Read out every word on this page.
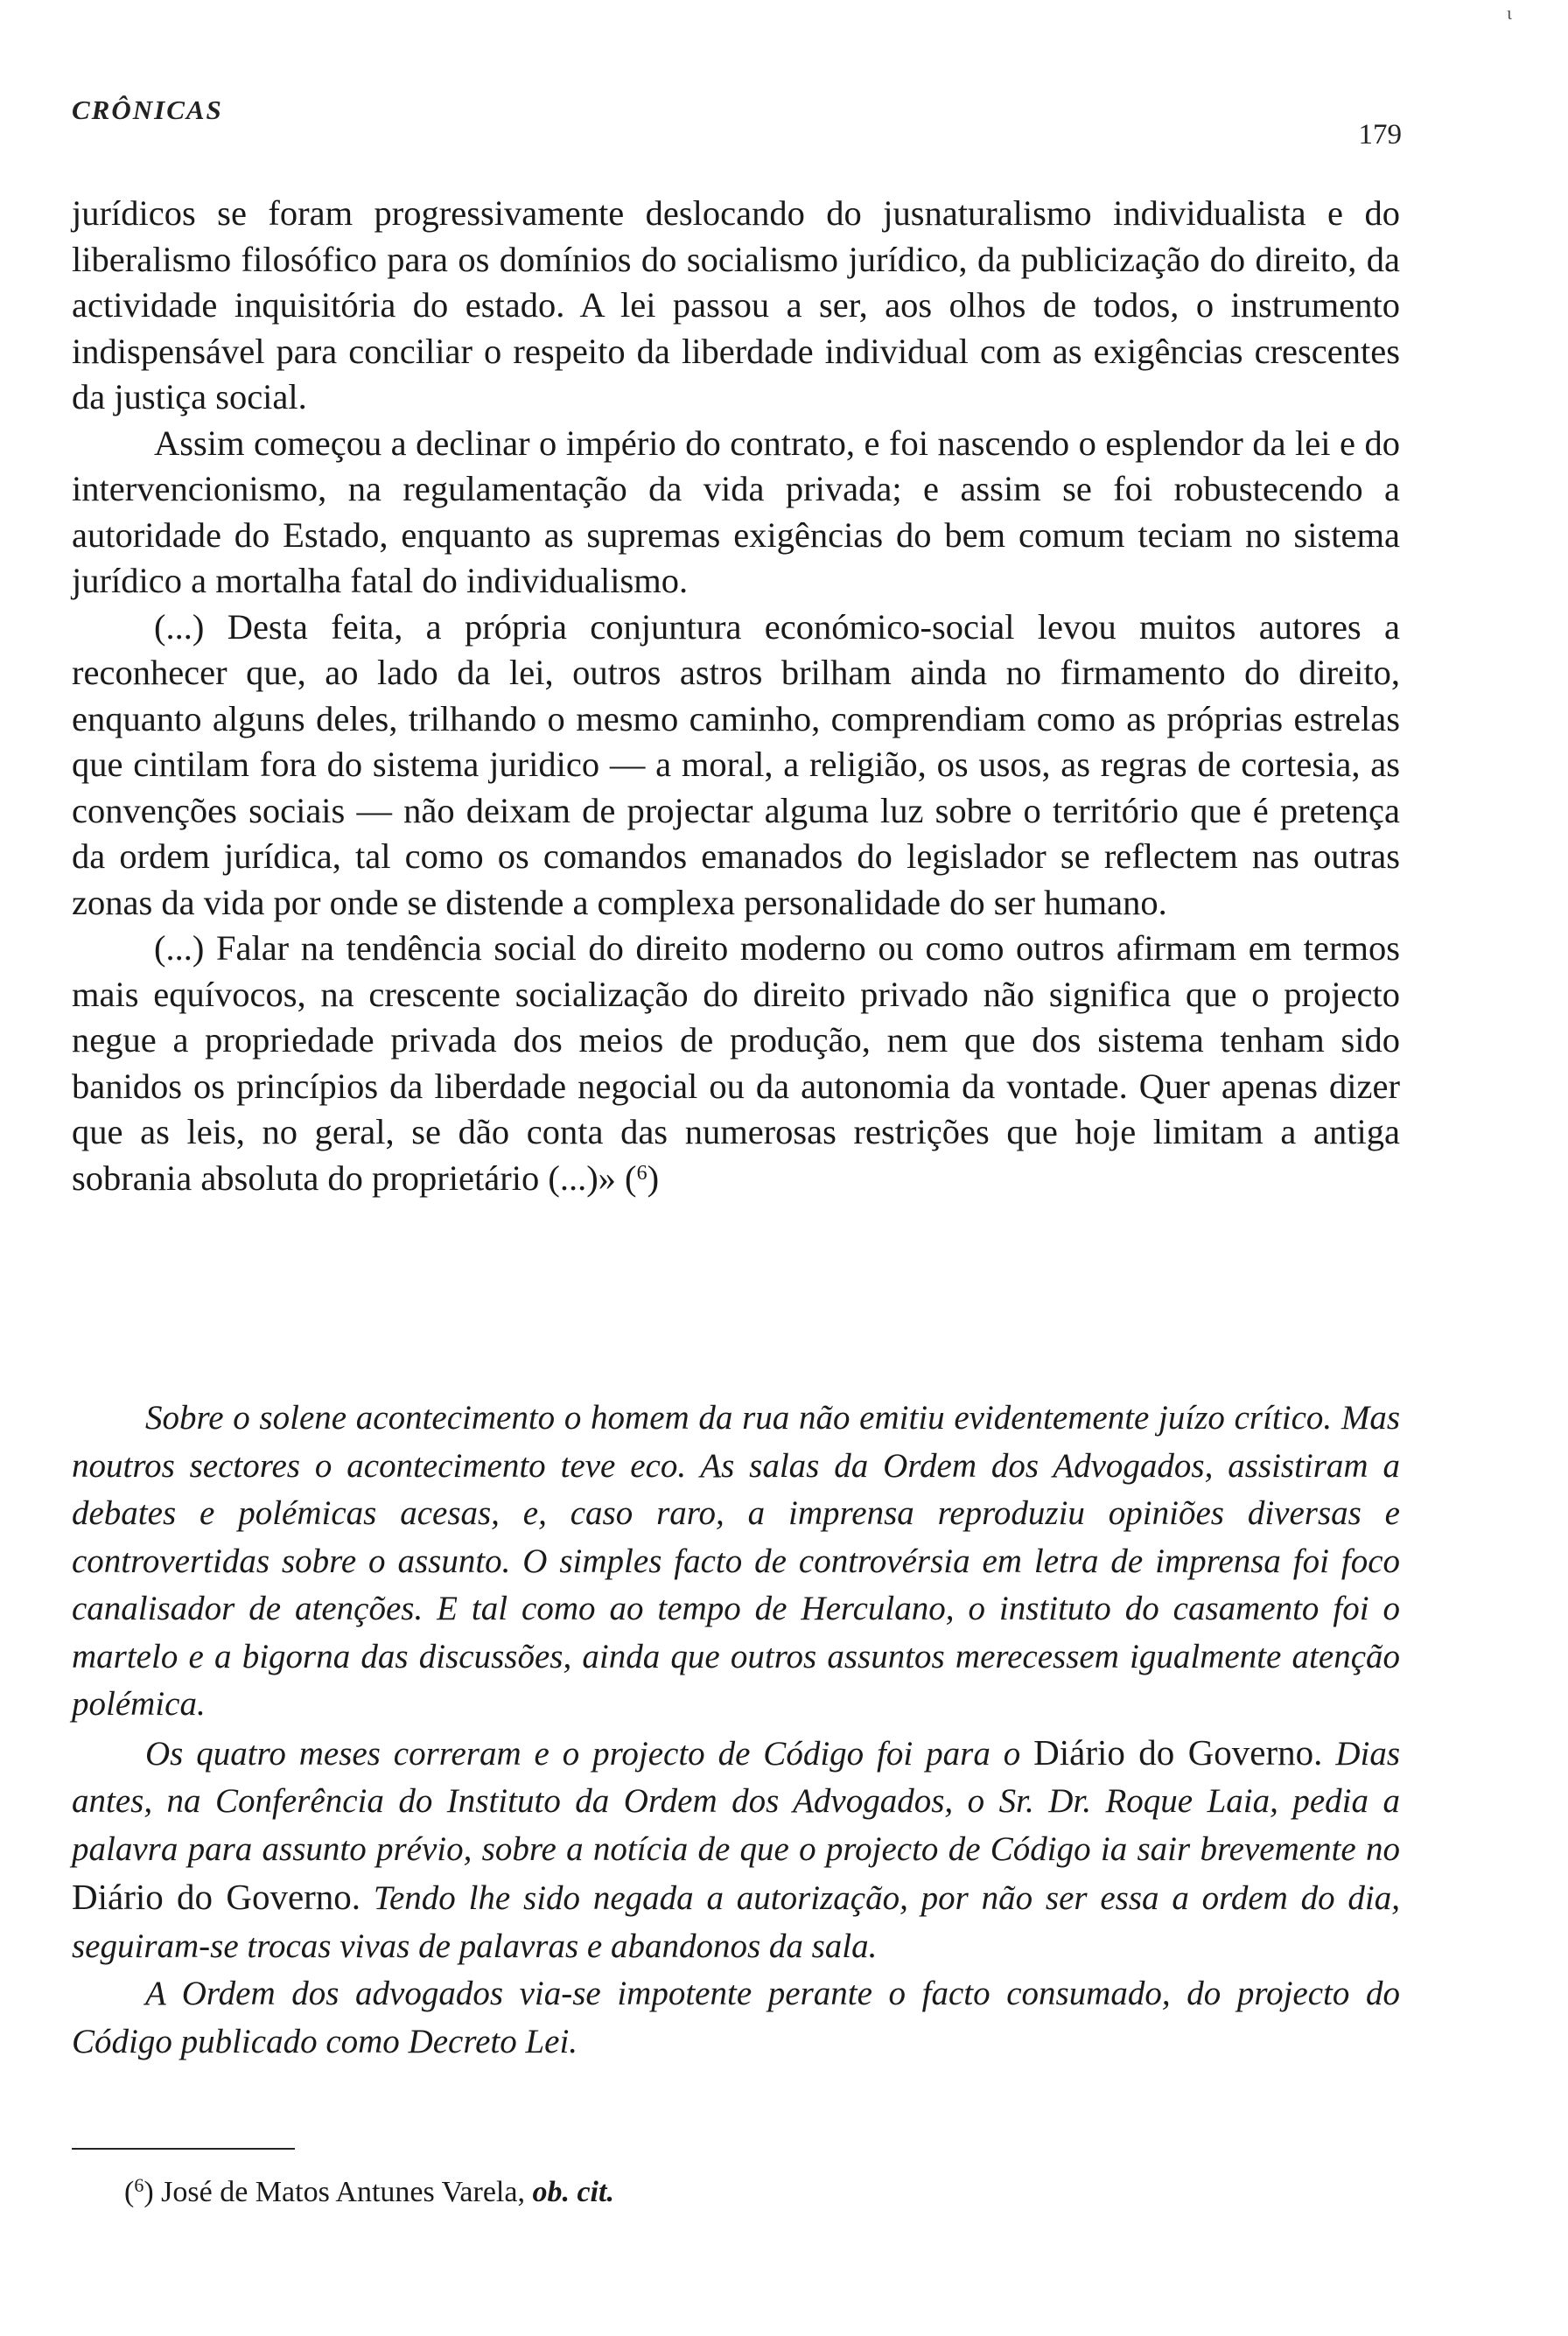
ι
CRÔNICAS
179

jurídicos se foram progressivamente deslocando do jusnaturalismo individualista e do liberalismo filosófico para os domínios do socialismo jurídico, da publicização do direito, da actividade inquisitória do estado. A lei passou a ser, aos olhos de todos, o instrumento indispensável para conciliar o respeito da liberdade individual com as exigências crescentes da justiça social.

Assim começou a declinar o império do contrato, e foi nascendo o esplendor da lei e do intervencionismo, na regulamentação da vida privada; e assim se foi robustecendo a autoridade do Estado, enquanto as supremas exigências do bem comum teciam no sistema jurídico a mortalha fatal do individualismo.

(...) Desta feita, a própria conjuntura económico-social levou muitos autores a reconhecer que, ao lado da lei, outros astros brilham ainda no firmamento do direito, enquanto alguns deles, trilhando o mesmo caminho, comprendiam como as próprias estrelas que cintilam fora do sistema juridico — a moral, a religião, os usos, as regras de cortesia, as convenções sociais — não deixam de projectar alguma luz sobre o território que é pretença da ordem jurídica, tal como os comandos emanados do legislador se reflectem nas outras zonas da vida por onde se distende a complexa personalidade do ser humano.

(...) Falar na tendência social do direito moderno ou como outros afirmam em termos mais equívocos, na crescente socialização do direito privado não significa que o projecto negue a propriedade privada dos meios de produção, nem que dos sistema tenham sido banidos os princípios da liberdade negocial ou da autonomia da vontade. Quer apenas dizer que as leis, no geral, se dão conta das numerosas restrições que hoje limitam a antiga sobrania absoluta do proprietário (...)» ($^6$)

Sobre o solene acontecimento o homem da rua não emitiu evidentemente juízo crítico. Mas noutros sectores o acontecimento teve eco. As salas da Ordem dos Advogados, assistiram a debates e polémicas acesas, e, caso raro, a imprensa reproduziu opiniões diversas e controvertidas sobre o assunto. O simples facto de controvérsia em letra de imprensa foi foco canalisador de atenções. E tal como ao tempo de Herculano, o instituto do casamento foi o martelo e a bigorna das discussões, ainda que outros assuntos merecessem igualmente atenção polémica.

Os quatro meses correram e o projecto de Código foi para o Diário do Governo. Dias antes, na Conferência do Instituto da Ordem dos Advogados, o Sr. Dr. Roque Laia, pedia a palavra para assunto prévio, sobre a notícia de que o projecto de Código ia sair brevemente no Diário do Governo. Tendo lhe sido negada a autorização, por não ser essa a ordem do dia, seguiram-se trocas vivas de palavras e abandonos da sala.

A Ordem dos advogados via-se impotente perante o facto consumado, do projecto do Código publicado como Decreto Lei.

($^6$) José de Matos Antunes Varela, ob. cit.
